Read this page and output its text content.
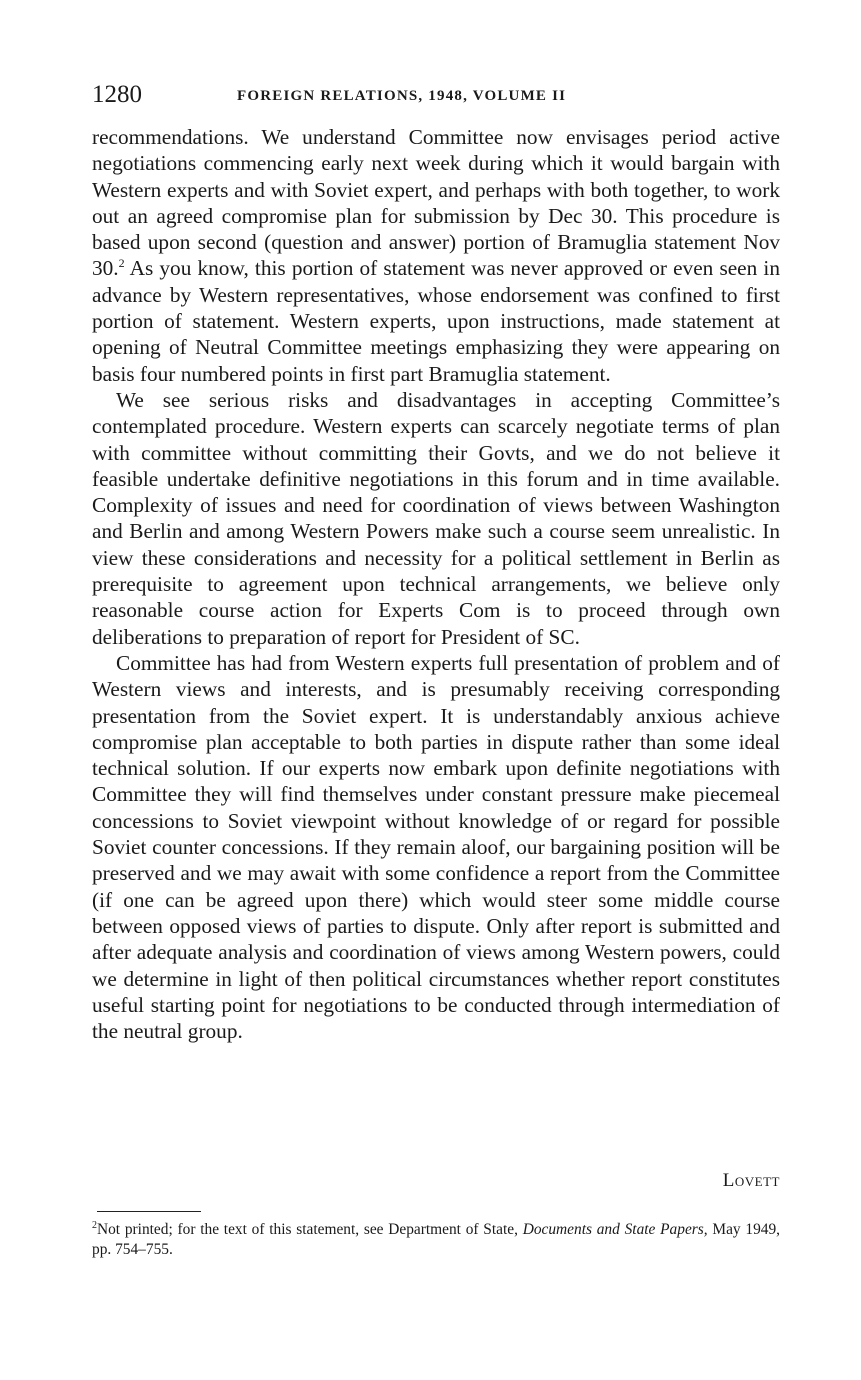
1280	FOREIGN RELATIONS, 1948, VOLUME II

recommendations. We understand Committee now envisages period active negotiations commencing early next week during which it would bargain with Western experts and with Soviet expert, and perhaps with both together, to work out an agreed compromise plan for submission by Dec 30. This procedure is based upon second (question and answer) portion of Bramuglia statement Nov 30.$^2$ As you know, this portion of statement was never approved or even seen in advance by Western representatives, whose endorsement was confined to first portion of statement. Western experts, upon instructions, made statement at opening of Neutral Committee meetings emphasizing they were appearing on basis four numbered points in first part Bramuglia statement.

We see serious risks and disadvantages in accepting Committee’s contemplated procedure. Western experts can scarcely negotiate terms of plan with committee without committing their Govts, and we do not believe it feasible undertake definitive negotiations in this forum and in time available. Complexity of issues and need for coordination of views between Washington and Berlin and among Western Powers make such a course seem unrealistic. In view these considerations and necessity for a political settlement in Berlin as prerequisite to agreement upon technical arrangements, we believe only reasonable course action for Experts Com is to proceed through own deliberations to preparation of report for President of SC.

Committee has had from Western experts full presentation of problem and of Western views and interests, and is presumably receiving corresponding presentation from the Soviet expert. It is understandably anxious achieve compromise plan acceptable to both parties in dispute rather than some ideal technical solution. If our experts now embark upon definite negotiations with Committee they will find themselves under constant pressure make piecemeal concessions to Soviet viewpoint without knowledge of or regard for possible Soviet counter concessions. If they remain aloof, our bargaining position will be preserved and we may await with some confidence a report from the Committee (if one can be agreed upon there) which would steer some middle course between opposed views of parties to dispute. Only after report is submitted and after adequate analysis and coordination of views among Western powers, could we determine in light of then political circumstances whether report constitutes useful starting point for negotiations to be conducted through intermediation of the neutral group.

Lovett
$^2$Not printed; for the text of this statement, see Department of State, Documents and State Papers, May 1949, pp. 754–755.
